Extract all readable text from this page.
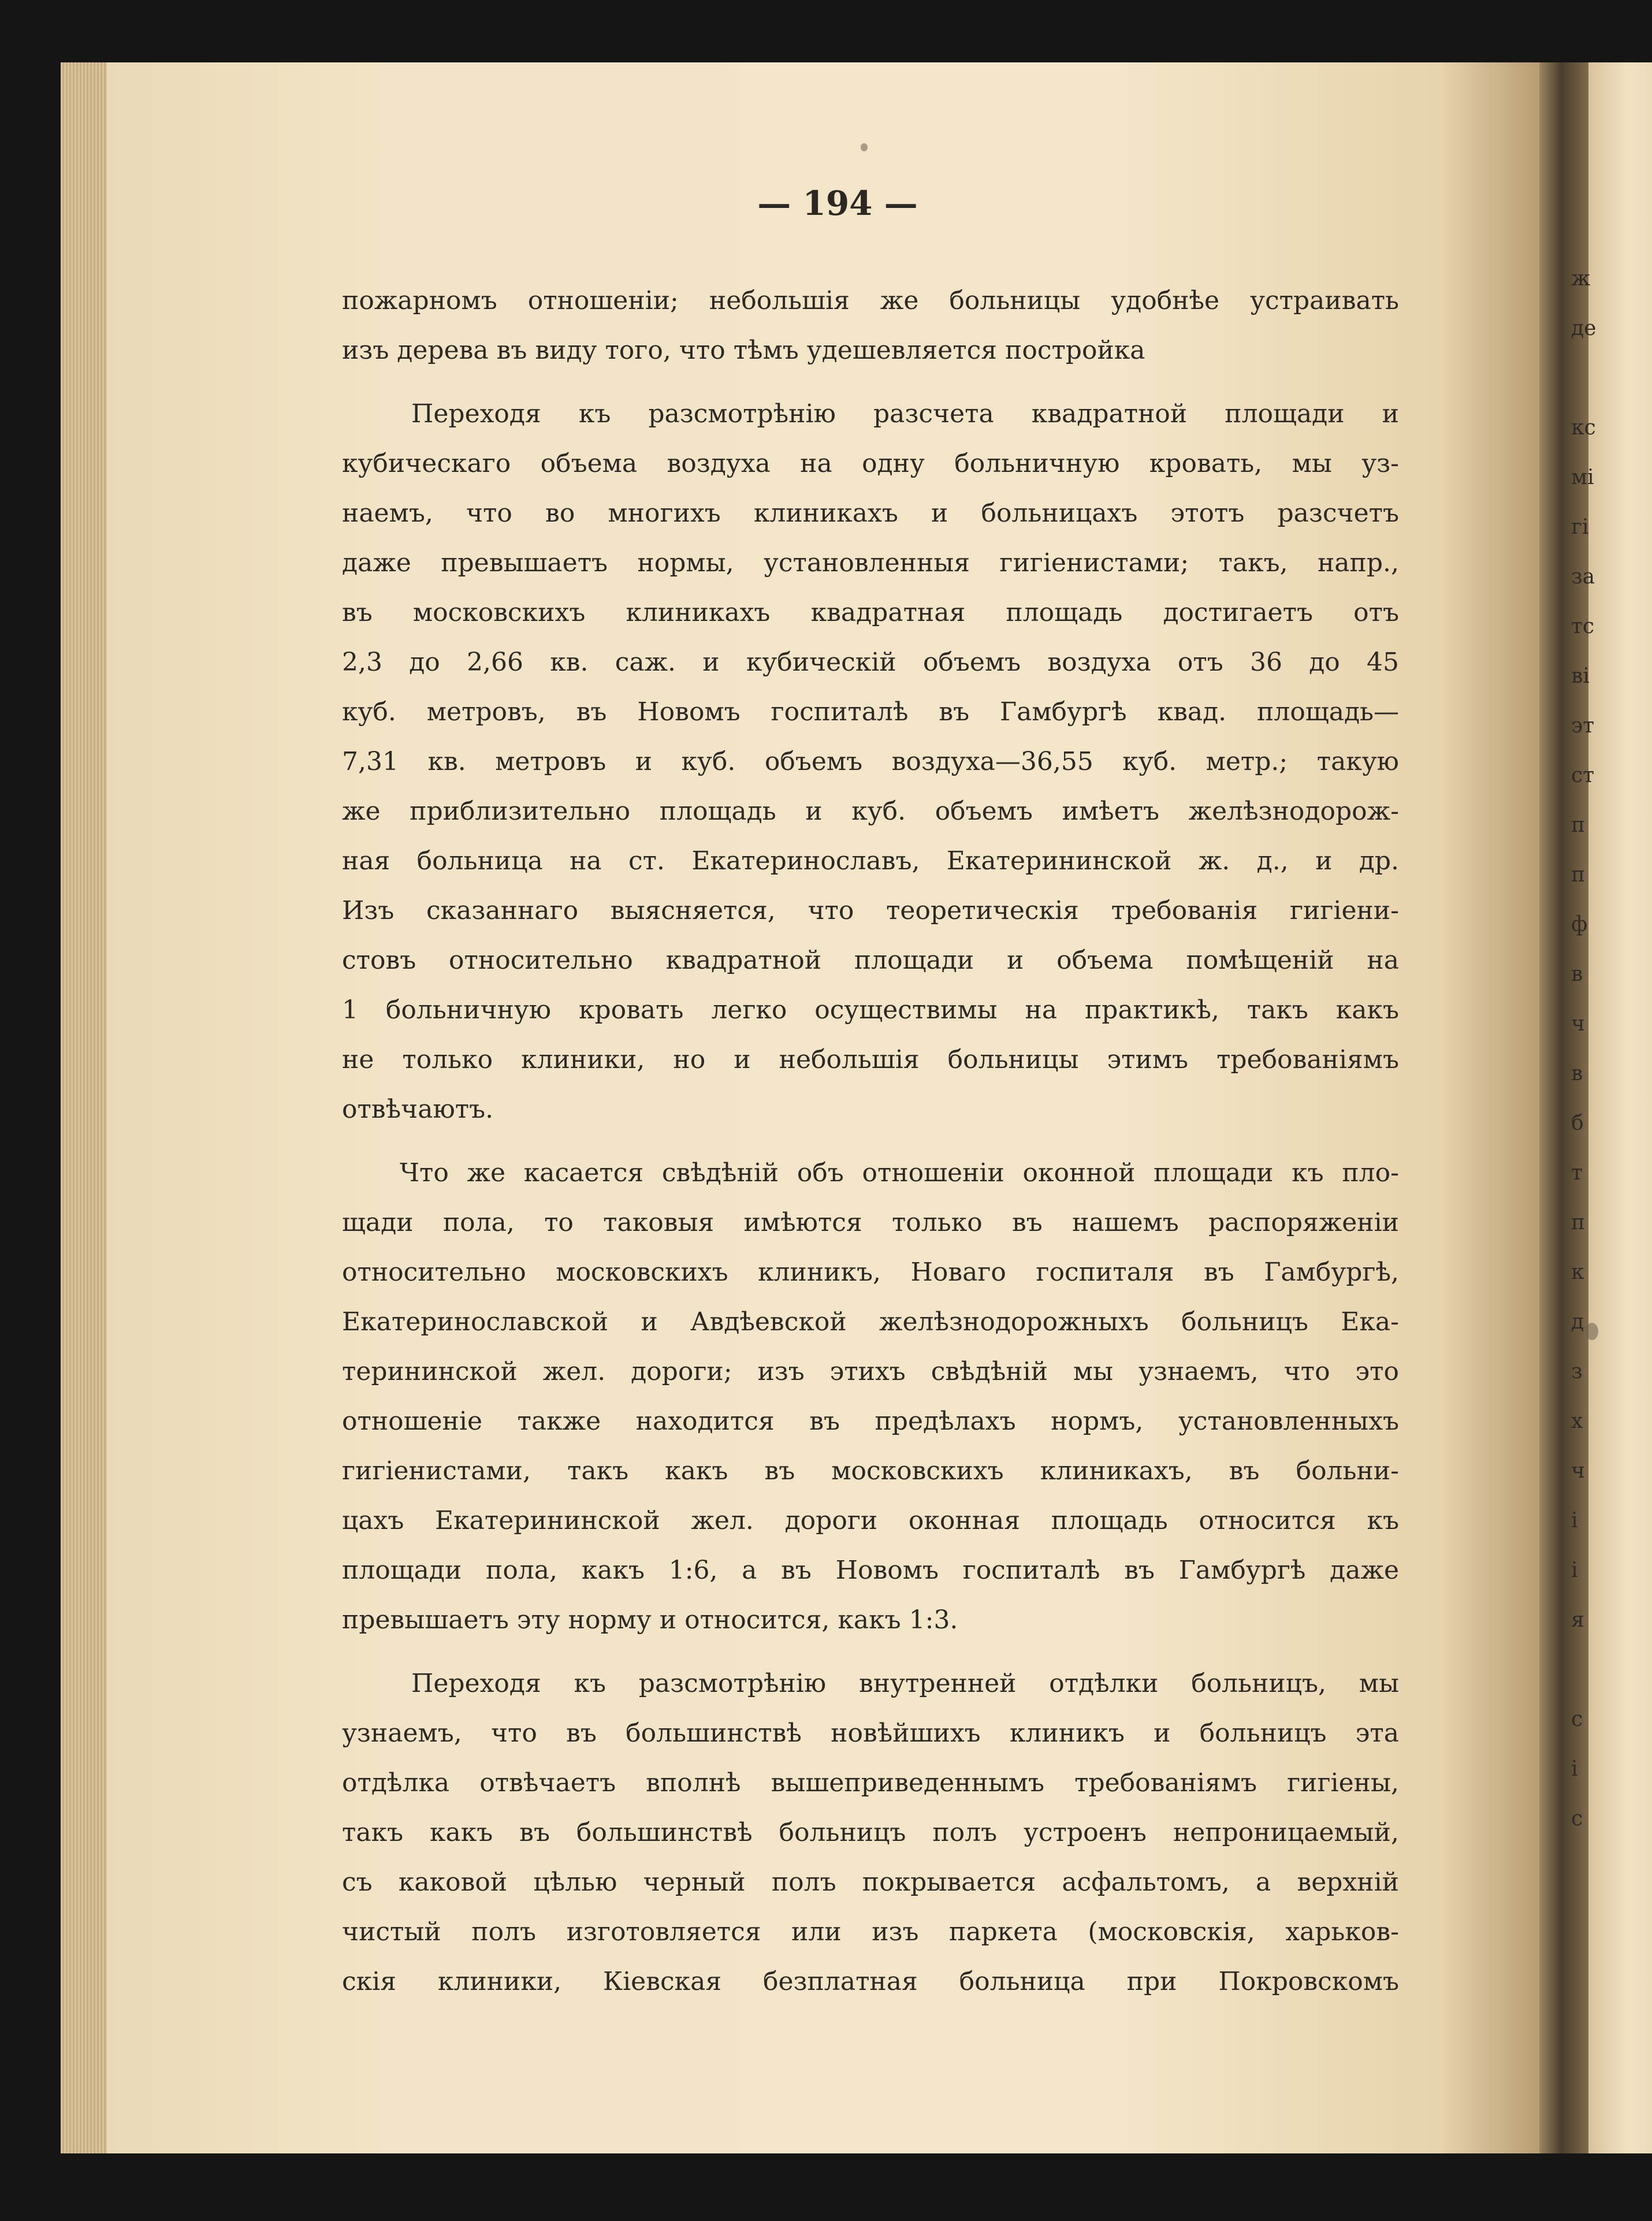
— 194 —

пожарномъ отношеніи; небольшія же больницы удобнѣе устраивать
изъ дерева въ виду того, что тѣмъ удешевляется постройка

Переходя къ разсмотрѣнію разсчета квадратной площади и
кубическаго объема воздуха на одну больничную кровать, мы уз-
наемъ, что во многихъ клиникахъ и больницахъ этотъ разсчетъ
даже превышаетъ нормы, установленныя гигіенистами; такъ, напр.,
въ московскихъ клиникахъ квадратная площадь достигаетъ отъ
2,3 до 2,66 кв. саж. и кубическій объемъ воздуха отъ 36 до 45
куб. метровъ, въ Новомъ госпиталѣ въ Гамбургѣ квад. площадь—
7,31 кв. метровъ и куб. объемъ воздуха—36,55 куб. метр.; такую
же приблизительно площадь и куб. объемъ имѣетъ желѣзнодорож-
ная больница на ст. Екатеринославъ, Екатерининской ж. д., и др.
Изъ сказаннаго выясняется, что теоретическія требованія гигіени-
стовъ относительно квадратной площади и объема помѣщеній на
1 больничную кровать легко осуществимы на практикѣ, такъ какъ
не только клиники, но и небольшія больницы этимъ требованіямъ
отвѣчаютъ.

Что же касается свѣдѣній объ отношеніи оконной площади къ пло-
щади пола, то таковыя имѣются только въ нашемъ распоряженіи
относительно московскихъ клиникъ, Новаго госпиталя въ Гамбургѣ,
Екатеринославской и Авдѣевской желѣзнодорожныхъ больницъ Ека-
терининской жел. дороги; изъ этихъ свѣдѣній мы узнаемъ, что это
отношеніе также находится въ предѣлахъ нормъ, установленныхъ
гигіенистами, такъ какъ въ московскихъ клиникахъ, въ больни-
цахъ Екатерининской жел. дороги оконная площадь относится къ
площади пола, какъ 1:6, а въ Новомъ госпиталѣ въ Гамбургѣ даже
превышаетъ эту норму и относится, какъ 1:3.

Переходя къ разсмотрѣнію внутренней отдѣлки больницъ, мы
узнаемъ, что въ большинствѣ новѣйшихъ клиникъ и больницъ эта
отдѣлка отвѣчаетъ вполнѣ вышеприведеннымъ требованіямъ гигіены,
такъ какъ въ большинствѣ больницъ полъ устроенъ непроницаемый,
съ каковой цѣлью черный полъ покрывается асфальтомъ, а верхній
чистый полъ изготовляется или изъ паркета (московскія, харьков-
скія клиники, Кіевская безплатная больница при Покровскомъ

ж
де
кс
мі
гі
за
тс
ві
эт
ст
п
п
ф
в
ч
в
б
т
п
к
д
з
х
ч
і
і
я
с
і
с
